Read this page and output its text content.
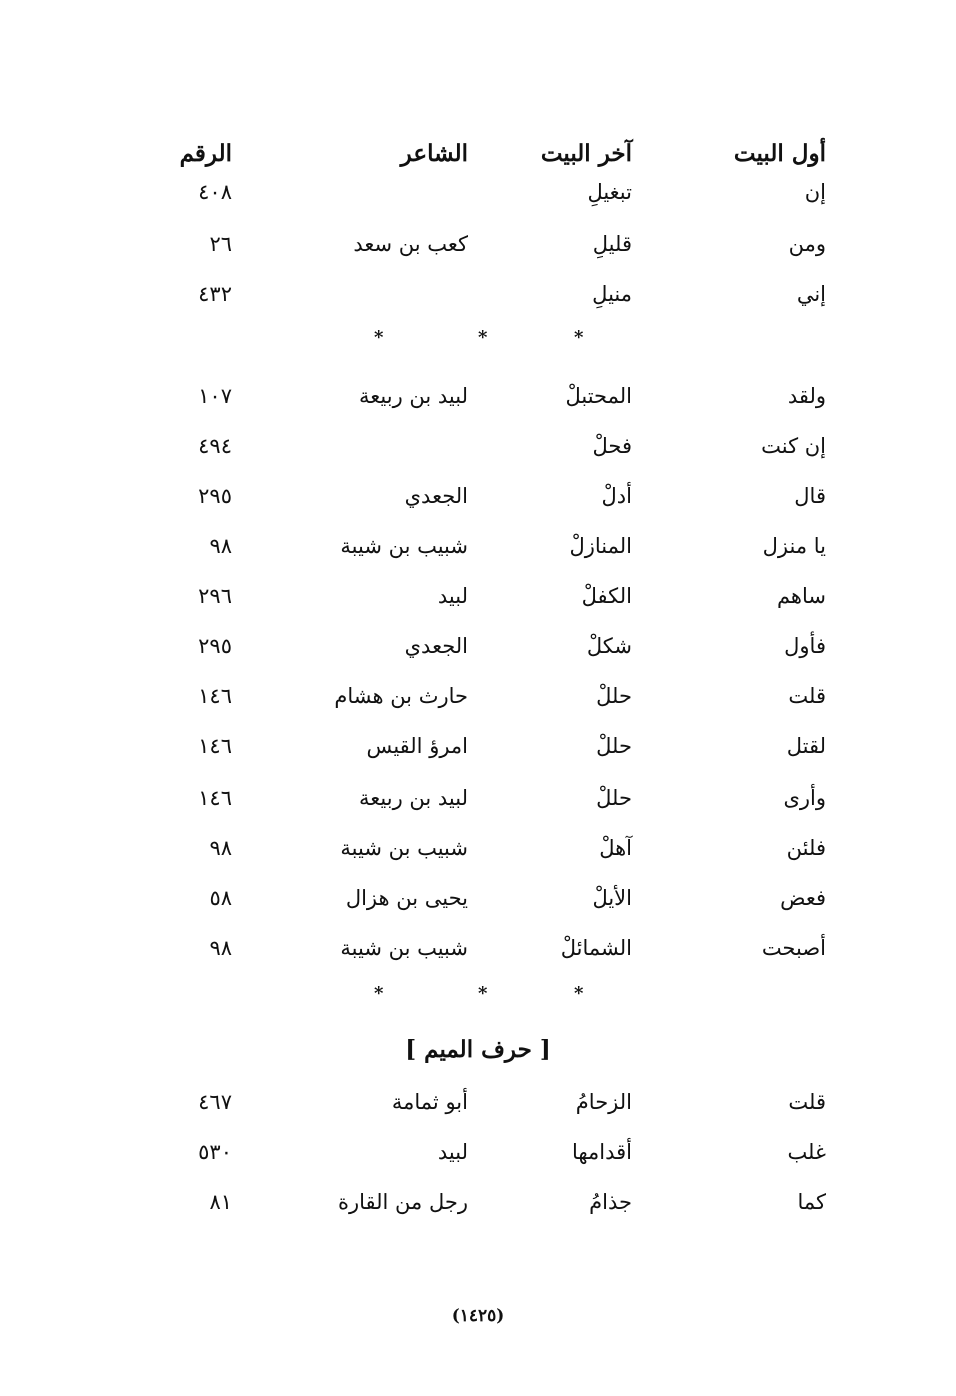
أول البيت
آخر البيت
الشاعر
الرقم
إن
تبغيلِ
٤٠٨
ومن
قليلِ
كعب بن سعد
٢٦
إني
منيلِ
٤٣٢
*
*
*
ولقد
المحتبلْ
لبيد بن ربيعة
١٠٧
إن كنت
فحلْ
٤٩٤
قال
أدلْ
الجعدي
٢٩٥
يا منزل
المنازلْ
شبيب بن شيبة
٩٨
ساهم
الكفلْ
لبيد
٢٩٦
فأول
شكلْ
الجعدي
٢٩٥
قلت
حللْ
حارث بن هشام
١٤٦
لقتل
حللْ
امرؤ القيس
١٤٦
وأرى
حللْ
لبيد بن ربيعة
١٤٦
فلئن
آهلْ
شبيب بن شيبة
٩٨
فعض
الأيلْ
يحيى بن هزال
٥٨
أصبحت
الشمائلْ
شبيب بن شيبة
٩٨
*
*
*
[ حرف الميم ]
قلت
الزحامُ
أبو ثمامة
٤٦٧
غلب
أقدامها
لبيد
٥٣٠
كما
جذامُ
رجل من القارة
٨١
(١٤٢٥)
